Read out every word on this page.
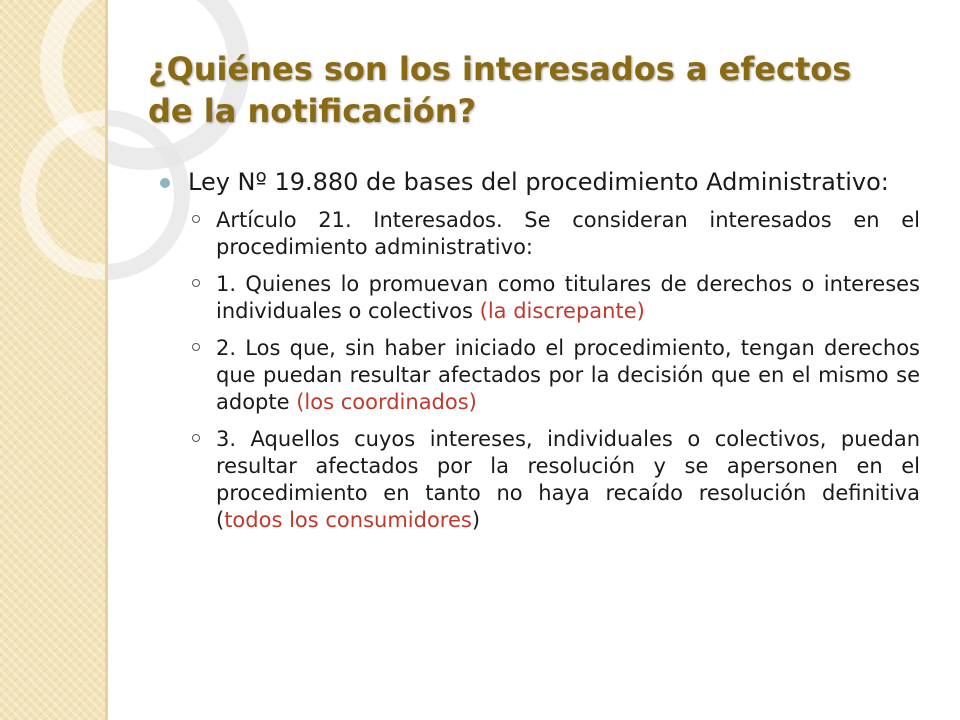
¿Quiénes son los interesados a efectos
de la notificación?
Ley Nº 19.880 de bases del procedimiento Administrativo:
Artículo 21. Interesados. Se consideran interesados en el procedimiento administrativo:
1. Quienes lo promuevan como titulares de derechos o intereses individuales o colectivos (la discrepante)
2. Los que, sin haber iniciado el procedimiento, tengan derechos que puedan resultar afectados por la decisión que en el mismo se adopte (los coordinados)
3. Aquellos cuyos intereses, individuales o colectivos, puedan resultar afectados por la resolución y se apersonen en el procedimiento en tanto no haya recaído resolución definitiva (todos los consumidores)
